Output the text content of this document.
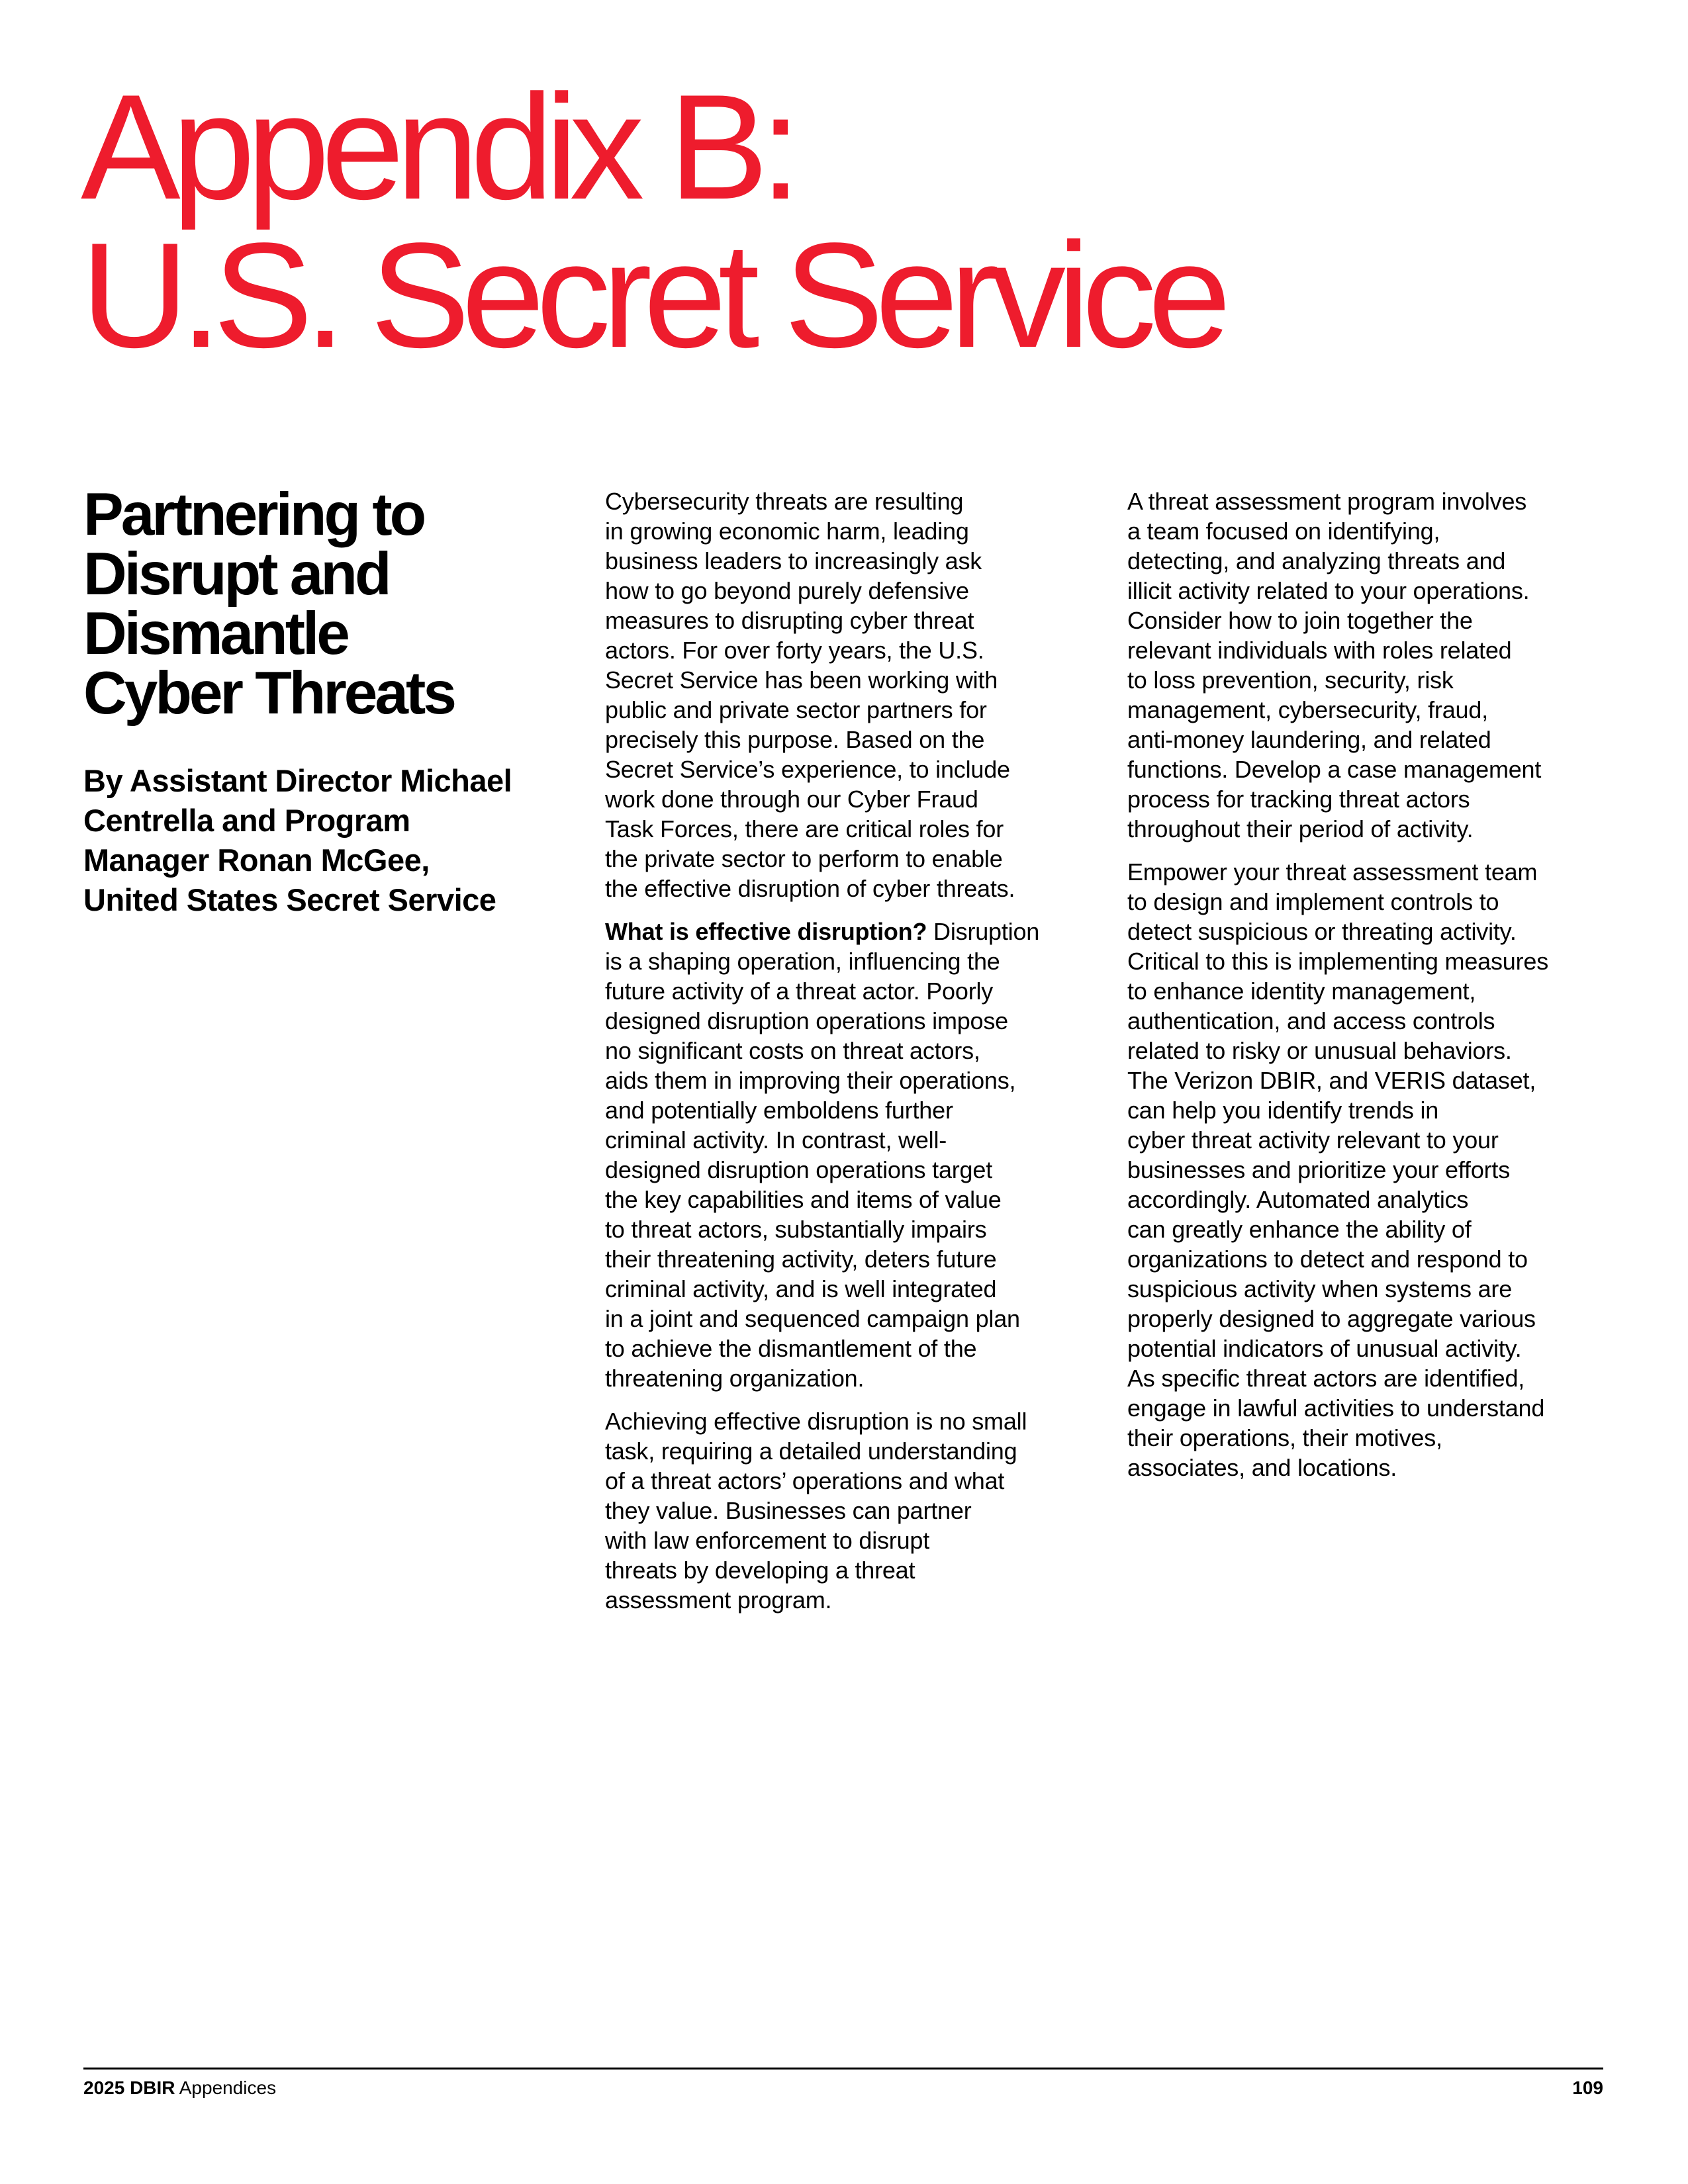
Appendix B:
U.S. Secret Service
Partnering to
Disrupt and
Dismantle
Cyber Threats

By Assistant Director Michael
Centrella and Program
Manager Ronan McGee,
United States Secret Service

Cybersecurity threats are resulting
in growing economic harm, leading
business leaders to increasingly ask
how to go beyond purely defensive
measures to disrupting cyber threat
actors. For over forty years, the U.S.
Secret Service has been working with
public and private sector partners for
precisely this purpose. Based on the
Secret Service’s experience, to include
work done through our Cyber Fraud
Task Forces, there are critical roles for
the private sector to perform to enable
the effective disruption of cyber threats.

What is effective disruption? Disruption
is a shaping operation, influencing the
future activity of a threat actor. Poorly
designed disruption operations impose
no significant costs on threat actors,
aids them in improving their operations,
and potentially emboldens further
criminal activity. In contrast, well-
designed disruption operations target
the key capabilities and items of value
to threat actors, substantially impairs
their threatening activity, deters future
criminal activity, and is well integrated
in a joint and sequenced campaign plan
to achieve the dismantlement of the
threatening organization.

Achieving effective disruption is no small
task, requiring a detailed understanding
of a threat actors’ operations and what
they value. Businesses can partner
with law enforcement to disrupt
threats by developing a threat
assessment program.

A threat assessment program involves
a team focused on identifying,
detecting, and analyzing threats and
illicit activity related to your operations.
Consider how to join together the
relevant individuals with roles related
to loss prevention, security, risk
management, cybersecurity, fraud,
anti-money laundering, and related
functions. Develop a case management
process for tracking threat actors
throughout their period of activity.

Empower your threat assessment team
to design and implement controls to
detect suspicious or threating activity.
Critical to this is implementing measures
to enhance identity management,
authentication, and access controls
related to risky or unusual behaviors.
The Verizon DBIR, and VERIS dataset,
can help you identify trends in
cyber threat activity relevant to your
businesses and prioritize your efforts
accordingly. Automated analytics
can greatly enhance the ability of
organizations to detect and respond to
suspicious activity when systems are
properly designed to aggregate various
potential indicators of unusual activity.
As specific threat actors are identified,
engage in lawful activities to understand
their operations, their motives,
associates, and locations.

2025 DBIR Appendices	109
